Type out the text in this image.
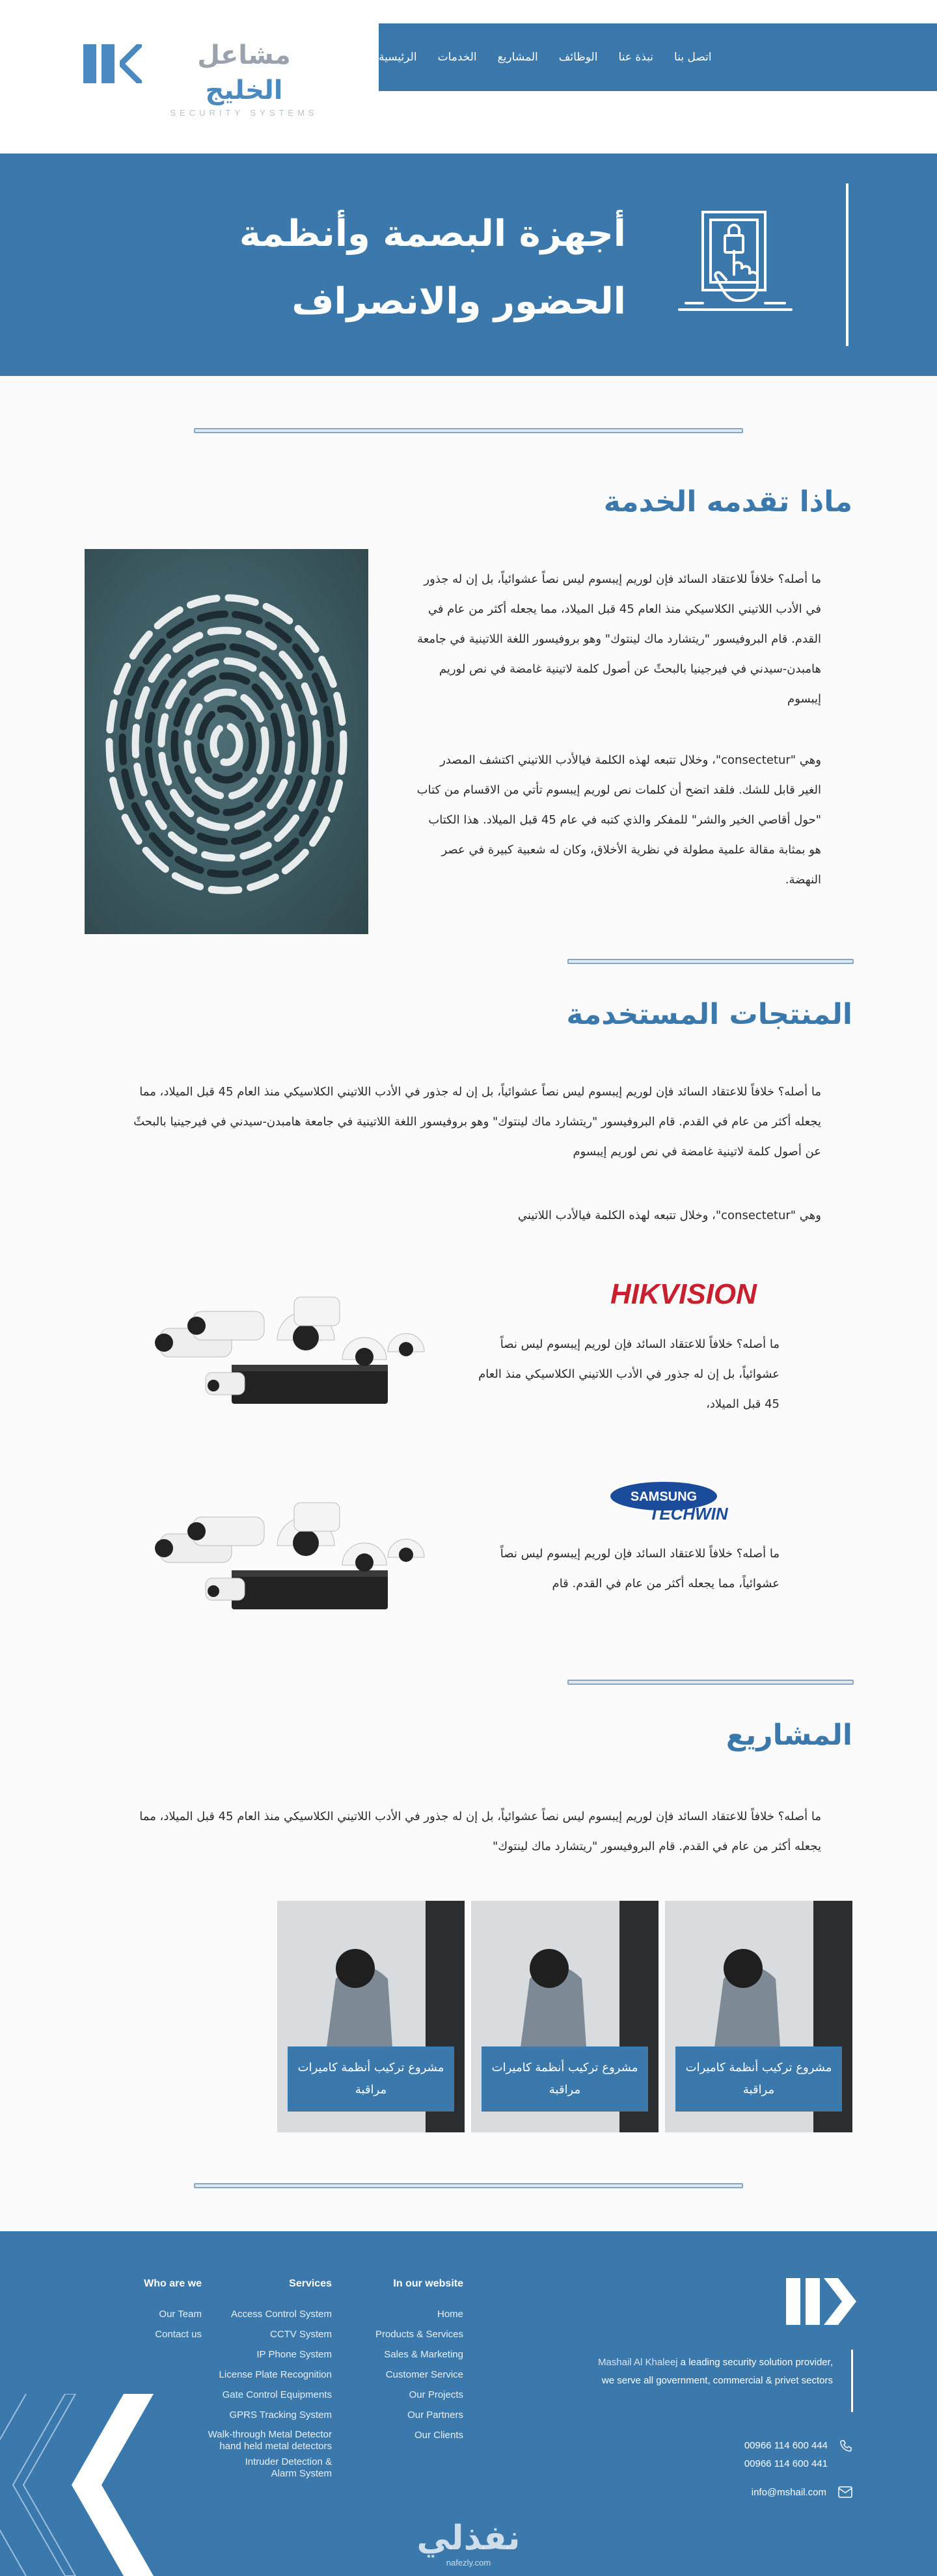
مشاعل الخليج
SECURITY SYSTEMS
الرئيسية الخدمات المشاريع الوظائف نبذة عنا اتصل بنا
أجهزة البصمة وأنظمة
الحضور والانصراف
ماذا تقدمه الخدمة
ما أصله؟ خلافاً للاعتقاد السائد فإن لوريم إيبسوم ليس نصاً عشوائياً، بل إن له جذور في الأدب اللاتيني الكلاسيكي منذ العام 45 قبل الميلاد، مما يجعله أكثر من عام في القدم. قام البروفيسور "ريتشارد ماك لينتوك" وهو بروفيسور اللغة اللاتينية في جامعة هامبدن-سيدني في فيرجينيا بالبحثً عن أصول كلمة لاتينية غامضة في نص لوريم إيبسوم
وهي "consectetur"، وخلال تتبعه لهذه الكلمة فيالأدب اللاتيني اكتشف المصدر الغير قابل للشك. فلقد اتضح أن كلمات نص لوريم إيبسوم تأتي من الاقسام من كتاب "حول أقاصي الخير والشر" للمفكر والذي كتبه في عام 45 قبل الميلاد. هذا الكتاب هو بمثابة مقالة علمية مطولة في نظرية الأخلاق، وكان له شعبية كبيرة في عصر النهضة.
المنتجات المستخدمة
ما أصله؟ خلافاً للاعتقاد السائد فإن لوريم إيبسوم ليس نصاً عشوائياً، بل إن له جذور في الأدب اللاتيني الكلاسيكي منذ العام 45 قبل الميلاد، مما يجعله أكثر من عام في القدم. قام البروفيسور "ريتشارد ماك لينتوك" وهو بروفيسور اللغة اللاتينية في جامعة هامبدن-سيدني في فيرجينيا بالبحثً عن أصول كلمة لاتينية غامضة في نص لوريم إيبسوم
وهي "consectetur"، وخلال تتبعه لهذه الكلمة فيالأدب اللاتيني
HIKVISION
ما أصله؟ خلافاً للاعتقاد السائد فإن لوريم إيبسوم ليس نصاً عشوائياً، بل إن له جذور في الأدب اللاتيني الكلاسيكي منذ العام 45 قبل الميلاد،
SAMSUNG
TECHWIN
ما أصله؟ خلافاً للاعتقاد السائد فإن لوريم إيبسوم ليس نصاً عشوائياً، مما يجعله أكثر من عام في القدم. قام
المشاريع
ما أصله؟ خلافاً للاعتقاد السائد فإن لوريم إيبسوم ليس نصاً عشوائياً، بل إن له جذور في الأدب اللاتيني الكلاسيكي منذ العام 45 قبل الميلاد، مما يجعله أكثر من عام في القدم. قام البروفيسور "ريتشارد ماك لينتوك"
مشروع تركيب أنظمة كاميرات مراقبة
مشروع تركيب أنظمة كاميرات مراقبة
مشروع تركيب أنظمة كاميرات مراقبة
Who are we
Our Team
Contact us
Services
Access Control System
CCTV System
IP Phone System
License Plate Recognition
Gate Control Equipments
GPRS Tracking System
Walk-through Metal Detector hand held metal detectors
Intruder Detection & Alarm System
In our website
Home
Products & Services
Sales & Marketing
Customer Service
Our Projects
Our Partners
Our Clients
Mashail Al Khaleej a leading security solution provider, we serve all government, commercial & privet sectors
00966 114 600 444
00966 114 600 441
info@mshail.com
نفذلي
nafezly.com
